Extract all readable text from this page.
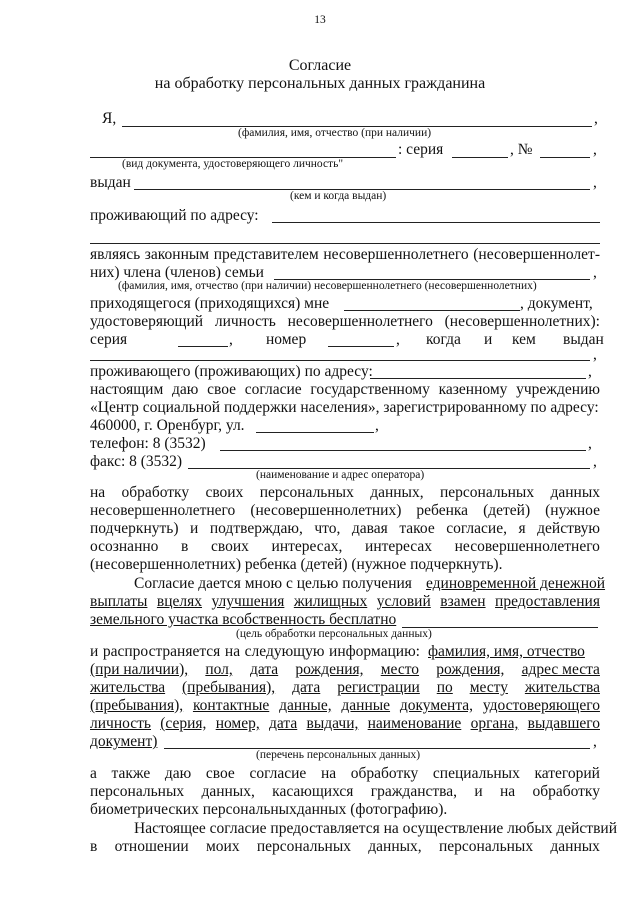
13
Согласие
на обработку персональных данных гражданина
Я,	,
(фамилия, имя, отчество (при наличии)
: серия	, №	,
(вид документа, удостоверяющего личность"
выдан	,
(кем и когда выдан)
проживающий по адресу:
являясь законным представителем несовершеннолетнего (несовершеннолет-
них) члена (членов) семьи	,
(фамилия, имя, отчество (при наличии) несовершеннолетнего (несовершеннолетних)
приходящегося (приходящихся) мне	, документ,
удостоверяющий личность несовершеннолетнего (несовершеннолетних):
серия	, номер	, когда и кем выдан
,
проживающего (проживающих) по адресу:	,
настоящим даю свое согласие государственному казенному учреждению
«Центр социальной поддержки населения», зарегистрированному по адресу:
460000, г. Оренбург, ул.	,
телефон: 8 (3532)	,
факс: 8 (3532)	,
(наименование и адрес оператора)
на обработку своих персональных данных, персональных данных
несовершеннолетнего (несовершеннолетних) ребенка (детей) (нужное
подчеркнуть) и подтверждаю, что, давая такое согласие, я действую
осознанно в своих интересах, интересах несовершеннолетнего
(несовершеннолетних) ребенка (детей) (нужное подчеркнуть).
Согласие дается мною с целью получения единовременной денежной
выплаты вцелях улучшения жилищных условий взамен предоставления
земельного участка всобственность бесплатно
(цель обработки персональных данных)
и распространяется на следующую информацию: фамилия, имя, отчество
(при наличии), пол, дата рождения, место рождения, адрес места
жительства (пребывания), дата регистрации по месту жительства
(пребывания), контактные данные, данные документа, удостоверяющего
личность (серия, номер, дата выдачи, наименование органа, выдавшего
документ)	,
(перечень персональных данных)
а также даю свое согласие на обработку специальных категорий
персональных данных, касающихся гражданства, и на обработку
биометрических персональныхданных (фотографию).
Настоящее согласие предоставляется на осуществление любых действий
в отношении моих персональных данных, персональных данных
